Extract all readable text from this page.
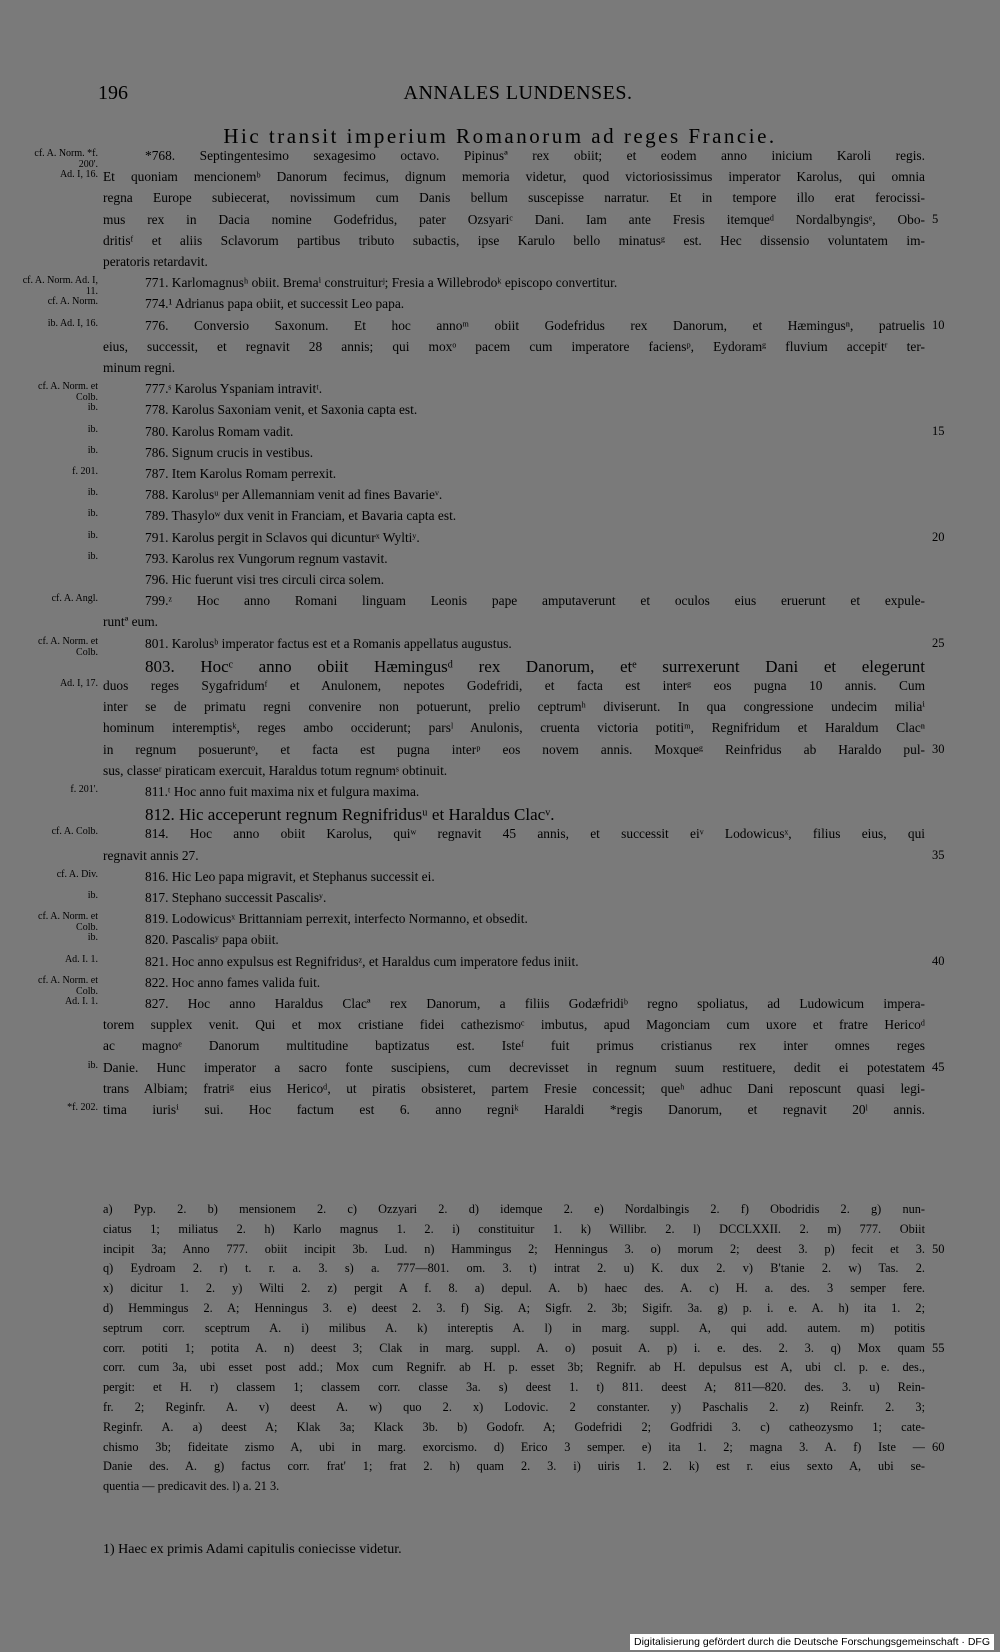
196	ANNALES LUNDENSES.
Hic transit imperium Romanorum ad reges Francie.
cf. A. Norm. *f. 200'.
*768. Septingentesimo sexagesimo octavo. Pipinusª rex obiit; et eodem anno inicium Karoli regis.
Ad. I, 16. Et quoniam mencionemᵇ Danorum fecimus, dignum memoria videtur, quod victoriosissimus imperator Karolus, qui omnia
regna Europe subiecerat, novissimum cum Danis bellum suscepisse narratur. Et in tempore illo erat ferocissi-
mus rex in Dacia nomine Godefridus, pater Ozsyariᶜ Dani. Iam ante Fresis itemqueᵈ Nordalbyngisᵉ, Obo- 5
dritisᶠ et aliis Sclavorum partibus tributo subactis, ipse Karulo bello minatusᵍ est. Hec dissensio voluntatem im-
peratoris retardavit.
cf. A. Norm. Ad. I, 11.
771. Karlomagnusʰ obiit. Bremaⁱ construiturʲ; Fresia a Willebrodoᵏ episcopo convertitur.
cf. A. Norm.	774.¹ Adrianus papa obiit, et successit Leo papa.
ib. Ad. I, 16.	776. Conversio Saxonum. Et hoc annoᵐ obiit Godefridus rex Danorum, et Hæmingusⁿ, patruelis 10
eius, successit, et regnavit 28 annis; qui moxᵒ pacem cum imperatore faciensᵖ, Eydoramᵍ fluvium accepitʳ ter-
minum regni.
cf. A. Norm. et Colb.
777.ˢ Karolus Yspaniam intravitᵗ.
ib.	778. Karolus Saxoniam venit, et Saxonia capta est.
ib.	780. Karolus Romam vadit.	15
ib.	786. Signum crucis in vestibus.
f. 201.	787. Item Karolus Romam perrexit.
ib.	788. Karolusᵘ per Allemanniam venit ad fines Bavarieᵛ.
ib.	789. Thasyloʷ dux venit in Franciam, et Bavaria capta est.
ib.	791. Karolus pergit in Sclavos qui dicunturˣ Wyltiʸ.	20
ib.	793. Karolus rex Vungorum regnum vastavit.
796. Hic fuerunt visi tres circuli circa solem.
cf. A. Angl.	799.ᶻ Hoc anno Romani linguam Leonis pape amputaverunt et oculos eius eruerunt et expule-
runtª eum.
cf. A. Norm. et Colb.
801. Karolusᵇ imperator factus est et a Romanis appellatus augustus.	25
803. Hocᶜ anno obiit Hæmingusᵈ rex Danorum, etᵉ surrexerunt Dani et elegerunt
Ad. I, 17. duos reges Sygafridumᶠ et Anulonem, nepotes Godefridi, et facta est interᵍ eos pugna 10 annis. Cum
inter se de primatu regni convenire non potuerunt, prelio ceptrumʰ diviserunt. In qua congressione undecim miliaⁱ
hominum interemptisᵏ, reges ambo occiderunt; parsˡ Anulonis, cruenta victoria potitiᵐ, Regnifridum et Haraldum Clacⁿ
in regnum posueruntᵒ, et facta est pugna interᵖ eos novem annis. Moxqueᵍ Reinfridus ab Haraldo pul- 30
sus, classeʳ piraticam exercuit, Haraldus totum regnumˢ obtinuit.
f. 201'.	811.ᵗ Hoc anno fuit maxima nix et fulgura maxima.
812. Hic acceperunt regnum Regnifridusᵘ et Haraldus Clacᵛ.
cf. A. Colb.	814. Hoc anno obiit Karolus, quiʷ regnavit 45 annis, et successit eiᵛ Lodowicusˣ, filius eius, qui
regnavit annis 27.	35
cf. A. Div.	816. Hic Leo papa migravit, et Stephanus successit ei.
ib.	817. Stephano successit Pascalisʸ.
cf. A. Norm. et Colb.
819. Lodowicusˣ Brittanniam perrexit, interfecto Normanno, et obsedit.
ib.	820. Pascalisʸ papa obiit.
Ad. I. 1.	821. Hoc anno expulsus est Regnifridusᶻ, et Haraldus cum imperatore fedus iniit.	40
cf. A. Norm. et Colb.
822. Hoc anno fames valida fuit.
Ad. I. 1.	827. Hoc anno Haraldus Clacª rex Danorum, a filiis Godæfridiᵇ regno spoliatus, ad Ludowicum impera-
torem supplex venit. Qui et mox cristiane fidei cathezismoᶜ imbutus, apud Magonciam cum uxore et fratre Hericoᵈ
ac magnoᵉ Danorum multitudine baptizatus est. Isteᶠ fuit primus cristianus rex inter omnes reges
ib. Danie. Hunc imperator a sacro fonte suscipiens, cum decrevisset in regnum suum restituere, dedit ei potestatem 45
trans Albiam; fratriᵍ eius Hericoᵈ, ut piratis obsisteret, partem Fresie concessit; queʰ adhuc Dani reposcunt quasi legi-
*f. 202. tima iurisⁱ sui. Hoc factum est 6. anno regniᵏ Haraldi *regis Danorum, et regnavit 20ˡ annis.
a) Pyp. 2. b) mensionem 2. c) Ozzyari 2. d) idemque 2. e) Nordalbingis 2. f) Obodridis 2. g) nun-
ciatus 1; miliatus 2. h) Karlo magnus 1. 2. i) constituitur 1. k) Willibr. 2. l) DCCLXXII. 2. m) 777. Obiit
incipit 3a; Anno 777. obiit incipit 3b. Lud. n) Hammingus 2; Henningus 3. o) morum 2; deest 3. p) fecit et 3. 50
q) Eydroam 2. r) t. r. a. 3. s) a. 777—801. om. 3. t) intrat 2. u) K. dux 2. v) B'tanie 2. w) Tas. 2.
x) dicitur 1. 2. y) Wilti 2. z) pergit A f. 8. a) depul. A. b) haec des. A. c) H. a. des. 3 semper fere.
d) Hemmingus 2. A; Henningus 3. e) deest 2. 3. f) Sig. A; Sigfr. 2. 3b; Sigifr. 3a. g) p. i. e. A. h) ita 1. 2;
septrum corr. sceptrum A. i) milibus A. k) intereptis A. l) in marg. suppl. A, qui add. autem. m) potitis
corr. potiti 1; potita A. n) deest 3; Clak in marg. suppl. A. o) posuit A. p) i. e. des. 2. 3. q) Mox quam 55
corr. cum 3a, ubi esset post add.; Mox cum Regnifr. ab H. p. esset 3b; Regnifr. ab H. depulsus est A, ubi cl. p. e. des.,
pergit: et H. r) classem 1; classem corr. classe 3a. s) deest 1. t) 811. deest A; 811—820. des. 3. u) Rein-
fr. 2; Reginfr. A. v) deest A. w) quo 2. x) Lodovic. 2 constanter. y) Paschalis 2. z) Reinfr. 2. 3;
Reginfr. A. a) deest A; Klak 3a; Klack 3b. b) Godofr. A; Godefridi 2; Godfridi 3. c) catheozysmo 1; cate-
chismo 3b; fideitate zismo A, ubi in marg. exorcismo. d) Erico 3 semper. e) ita 1. 2; magna 3. A. f) Iste — 60
Danie des. A. g) factus corr. frat' 1; frat 2. h) quam 2. 3. i) uiris 1. 2. k) est r. eius sexto A, ubi se-
quentia — predicavit des. l) a. 21 3.
1) Haec ex primis Adami capitulis coniecisse videtur.
Digitalisierung gefördert durch die Deutsche Forschungsgemeinschaft · DFG
